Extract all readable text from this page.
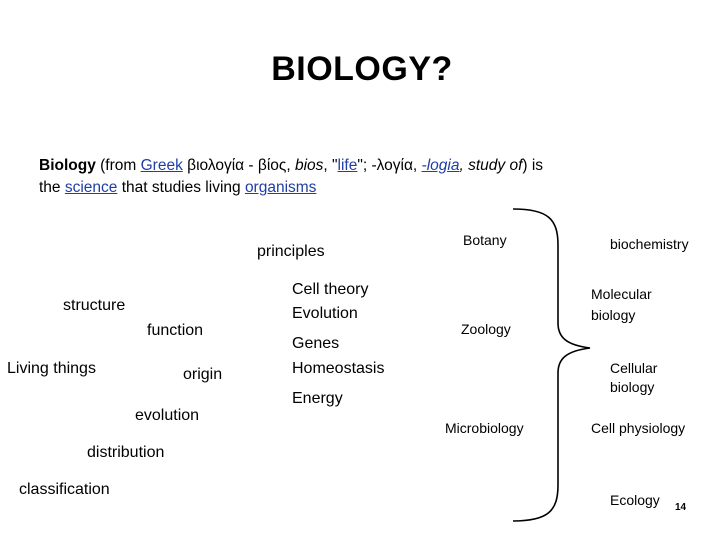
BIOLOGY?
Biology (from Greek βιολογία - βίος, bios, "life"; -λογία, -logia, study of) is
the science that studies living organisms
Living things
structure
function
origin
evolution
distribution
classification
principles
Cell theory
Evolution
Genes
Homeostasis
Energy
Botany
Zoology
Microbiology
biochemistry
Molecular
biology
Cellular
biology
Cell physiology
Ecology 14
